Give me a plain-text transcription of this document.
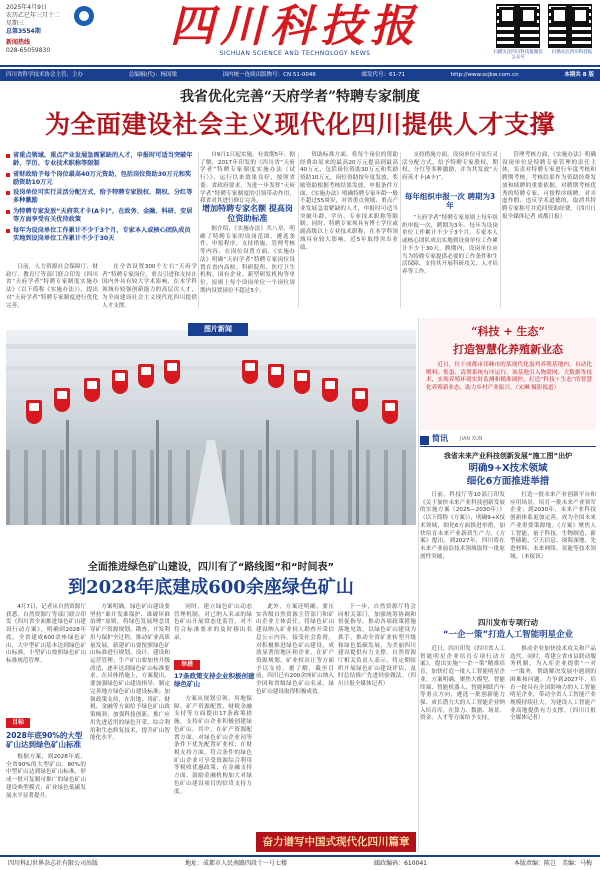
2025年4月9日
农历乙巳年三月十二
星期三
总第3554期
新闻热线
028-65059830	四川科技报
SICHUAN SCIENCE AND TECHNOLOGY NEWS	扫描关注四川科技报微信公众号
扫描关注四川科技报
四川省科学技术协会主管、主办	总编辑(代)：杨国梁	国内统一连续出版物号：CN 51-0046	邮发代号：61-71	http://www.scjkw.com.cn	本期共 8 版
我省优化完善“天府学者”特聘专家制度
为全面建设社会主义现代化四川提供人才支撑
省重点领域、重点产业发展急需紧缺的人才，申报时可适当突破年龄、学历、专业技术职称等限制
省财政给予每个岗位最高40万元资助，包括岗位资助30万元和奖励资助10万元
设岗单位可实行灵活分配方式，给予特聘专家股权、期权、分红等多种激励
为特聘专家发放“天府英才卡(A卡)”，在政务、金融、科研、安居等方面享受有关优待政策
每年为设岗单位工作累计不少于3个月，专家本人或核心团队成员实地到设岗单位工作累计不少于30天

日前，人力资源社会保障厅、财政厅、教育厅等部门联合印发《四川省“天府学者”特聘专家制度实施办法》（以下简称《实施办法》），提出对“天府学者”特聘专家制度进行优化完善，

在全省设置300个左右“天府学者”特聘专家岗位，重点引进和支持在国内外具有较大学术影响、在本学科领域有较强创新能力的高层次人才，为全面建设社会主义现代化四川提供人才支撑。

自9月1日起实施，有效期5年。据了解，2017年印发的《四川省“天府学者”特聘专家制度实施办法（试行）》，运行以来效果良好，按照省委、省政府要求，为进一步发挥“天府学者”特聘专家制度的引领带动作用，我省对其进行修订完善。

增加特聘专家名额 提高岗位资助标准

据介绍，《实施办法》共八章，明确了特聘专家的设岗范围、遴选条件、申报程序、支持措施、管理考核等内容。在岗位设置方面，《实施办法》明确“天府学者”特聘专家岗位设置在省内高校、科研院所、医疗卫生机构、国有企业、新型研发机构等单位，原则上每个设岗单位一个岗位周期内设置岗位不超过5个。

资助标准方面，将每个岗位的资助经费由原来的最高20万元提高到最高40万元，包括岗位资助30万元和奖励资助10万元。岗位资助按年度发放，奖励资助根据考核结果发放。申报条件方面，《实施办法》明确特聘专家年龄一般不超过55周岁，对省重点领域、重点产业发展急需紧缺的人才，申报时可适当突破年龄、学历、专业技术职称等限制。同时，特聘专家须具有博士学位或副高级以上专业技术职称，在本学科领域具有较大影响，近5年取得突出业绩。

支持措施方面，设岗单位可实行灵活分配方式，给予特聘专家股权、期权、分红等多种激励，并为其发放“天府英才卡(A卡)”。

每年组织申报一次 聘期为3年

“天府学者”特聘专家原则上每年组织申报一次，聘期为3年。每年为设岗单位工作累计不少于3个月，专家本人或核心团队成员实地到设岗单位工作累计不少于30天。聘期内，设岗单位应当为特聘专家提供必要的工作条件和生活保障，支持其开展科研攻关、人才培养等工作。

管理考核方面，《实施办法》明确设岗单位是特聘专家管理的责任主体，负责对特聘专家进行年度考核和聘期考核。考核结果作为资助经费发放和续聘的重要依据。对聘期考核优秀的特聘专家，可按程序续聘。对弄虚作假、违反学术道德的，取消其特聘专家称号并追回资助经费。（四川日报全媒体记者 成都日报）

图片新闻	“科技 + 生态”
打造智慧化养殖新业态

近日，位于成都市邛崃市的某现代化蛋鸡养殖基地内，自动化喂料、集蛋、清粪系统有序运行。该基地引入物联网、大数据等技术，实现养殖环境实时监测和精准调控，打造“科技＋生态”的智慧化养殖新业态，助力乡村产业振兴。（宋琳 摄影报道）

简讯 JIAN XUN
我省未来产业科技创新发展“施工图”出炉
明确9+X技术领域
细化6方面推进举措

日前，科技厅等10部门印发《关于加快未来产业科技创新发展的实施方案（2025—2030年）》（以下简称《方案》），明确9+X技术领域，细化6方面推进举措，加快培育未来产业新质生产力。《方案》提出，到2027年，四川将在未来产业前沿技术领域取得一批原创性突破，

打造一批未来产业创新平台和应用场景，培育一批未来产业领军企业；到2030年，未来产业科技创新体系更加完善，成为全国未来产业重要策源地。《方案》聚焦人工智能、量子科技、生物制造、新型储能、空天信息、深海深地、先进材料、未来网络、氢能等技术领域。（本报讯）

四川发布专项行动
“一企一策”打造人工智能明星企业

近日，四川印发《四川省人工智能明星企业培育专项行动方案》，提出实施“一企一策”精准培育，加快打造一批人工智能明星企业。方案明确，聚焦大模型、智能终端、智能机器人、智能网联汽车等重点方向，遴选一批创新能力强、成长潜力大的人工智能企业纳入培育库，在算力、数据、场景、资金、人才等方面给予支持，

推动企业加快技术攻关和产品迭代。同时，将建立省市县联动服务机制，为入库企业提供“一对一”服务，帮助解决发展中遇到的困难和问题。力争到2027年，培育一批具有全国影响力的人工智能明星企业，带动全省人工智能产业规模持续壮大，为建设人工智能产业高地提供有力支撑。（四川日报全媒体记者）

全面推进绿色矿山建设，四川有了“路线图”和“时间表”
到2028年底建成600余座绿色矿山

4月7日，记者从自然资源厅获悉，自然资源厅等部门联合印发《四川省全面推进绿色矿山建设行动方案》，明确到2028年底，全省建成600余座绿色矿山，大中型矿山基本达到绿色矿山标准，小型矿山按照绿色矿山标准规范管理。

目标
2028年底90%的大型矿山达到绿色矿山标准

根据方案，到2028年底，全省90%的大型矿山、80%的中型矿山达到绿色矿山标准，形成一批可复制可推广的绿色矿山建设典型模式，矿业绿色低碳发展水平显著提升。

方案明确，绿色矿山建设要坚持“谁开发谁保护、谁破坏谁治理”原则，将绿色发展理念贯穿矿产资源规划、勘查、开发利用与保护全过程，推动矿业高质量发展。新建矿山要按照绿色矿山标准进行规划、设计、建设和运营管理；生产矿山要加快升级改造，逐步达到绿色矿山标准要求。在具体措施上，方案提出，要加强绿色矿山建设指导，制定完善地方绿色矿山建设标准；加强政策支持，在用地、用矿、财税、金融等方面给予绿色矿山政策倾斜；加强科技创新，推广应用先进适用的绿色开采、综合利用和生态修复技术，提升矿山智能化水平。

同时，建立绿色矿山动态管理机制，对已纳入名录的绿色矿山开展常态化监管，对不符合标准要求的及时移出名录。

举措
17条政策支持企业积极创建绿色矿山

方案从规划引领、用地保障、矿产资源配置、财税金融支持等方面提出17条政策措施，支持矿山企业积极创建绿色矿山。其中，在矿产资源配置方面，对绿色矿山企业同等条件下优先配置矿业权；在财税支持方面，符合条件的绿色矿山企业可享受资源综合利用等税收优惠政策；在金融支持方面，鼓励金融机构加大对绿色矿山建设项目的信贷支持力度。

此外，方案还明确，要压实各级自然资源主管部门和矿山企业主体责任，将绿色矿山建设纳入矿业权人勘查开采信息公示内容，接受社会监督。对积极推进绿色矿山建设、成效显著的地区和企业，在矿产资源规划、矿业权出让等方面予以支持。据了解，截至目前，四川已有200余座矿山纳入全国和省级绿色矿山名录，绿色矿山建设取得积极成效。

下一步，自然资源厅将会同相关部门，加强统筹协调和督促指导，推动各项政策措施落地见效，以绿色矿山建设为抓手，推动全省矿业转型升级和绿色低碳发展，为美丽四川建设提供有力支撑。自然资源厅相关负责人表示，将定期组织开展绿色矿山建设评估，及时总结推广先进经验做法。（四川日报全媒体记者）

奋力谱写中国式现代化四川篇章
四川科幻世界杂志社有限公司出版	地址：成都市人民南路四段十一号七楼	邮政编码：610041	本版责编：陈岂　美编：马梅
